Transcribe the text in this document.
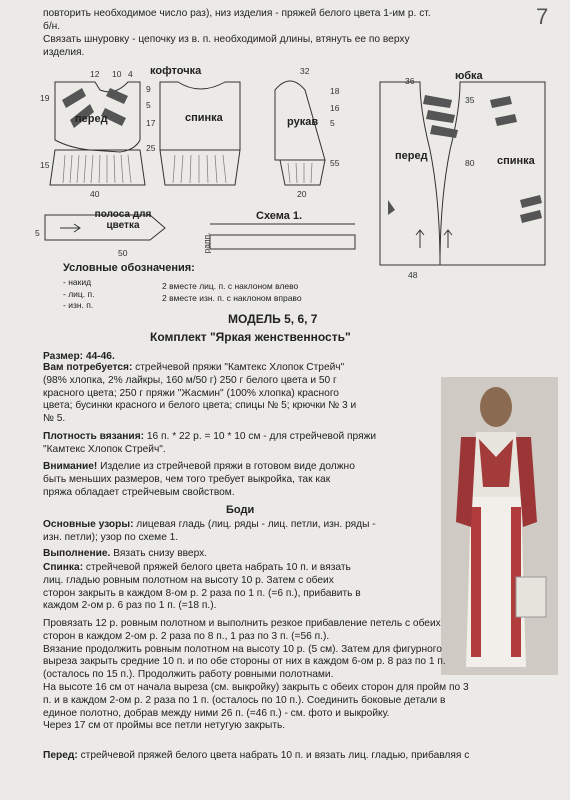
7
повторить необходимое число раз), низ изделия - пряжей белого цвета 1-им р. ст.
б/н.
Связать шнуровку - цепочку из в. п. необходимой длины, втянуть ее по верху
изделия.
кофточка	юбка
перед	спинка	рукав
перед	спинка
полоса для цветка
Схема 1.
рапп.
12 10 4
19
9
5
17
25
15
40
32
18
16
5
55
20
36
35
80
48
50
5
Условные обозначения:
- накид
- лиц. п.
- изн. п.
2 вместе лиц. п. с наклоном влево
2 вместе изн. п. с наклоном вправо
МОДЕЛЬ 5, 6, 7
Комплект "Яркая женственность"
Размер: 44-46.
Вам потребуется: стрейчевой пряжи "Камтекс Хлопок Стрейч"
(98% хлопка, 2% лайкры, 160 м/50 г) 250 г белого цвета и 50 г
красного цвета; 250 г пряжи "Жасмин" (100% хлопка) красного
цвета; бусинки красного и белого цвета; спицы № 5; крючки № 3 и
№ 5.
Плотность вязания: 16 п. * 22 р. = 10 * 10 см - для стрейчевой пряжи
"Камтекс Хлопок Стрейч".
Внимание! Изделие из стрейчевой пряжи в готовом виде должно
быть меньших размеров, чем того требует выкройка, так как
пряжа обладает стрейчевым свойством.
Боди
Основные узоры: лицевая гладь (лиц. ряды - лиц. петли, изн. ряды -
изн. петли); узор по схеме 1.
Выполнение. Вязать снизу вверх.
Спинка: стрейчевой пряжей белого цвета набрать 10 п. и вязать
лиц. гладью ровным полотном на высоту 10 р. Затем с обеих
сторон закрыть в каждом 8-ом р. 2 раза по 1 п. (=6 п.), прибавить в
каждом 2-ом р. 6 раз по 1 п. (=18 п.).
Провязать 12 р. ровным полотном и выполнить резкое прибавление петель с обеих
сторон в каждом 2-ом р. 2 раза по 8 п., 1 раз по 3 п. (=56 п.).
Вязание продолжить ровным полотном на высоту 10 р. (5 см). Затем для фигурного
выреза закрыть средние 10 п. и по обе стороны от них в каждом 6-ом р. 8 раз по 1 п.
(осталось по 15 п.). Продолжить работу ровными полотнами.
На высоте 16 см от начала выреза (см. выкройку) закрыть с обеих сторон для пройм по 3
п. и в каждом 2-ом р. 2 раза по 1 п. (осталось по 10 п.). Соединить боковые детали в
единое полотно, добрав между ними 26 п. (=46 п.) - см. фото и выкройку.
Через 17 см от проймы все петли нетугую закрыть.
Перед: стрейчевой пряжей белого цвета набрать 10 п. и вязать лиц. гладью, прибавляя с
